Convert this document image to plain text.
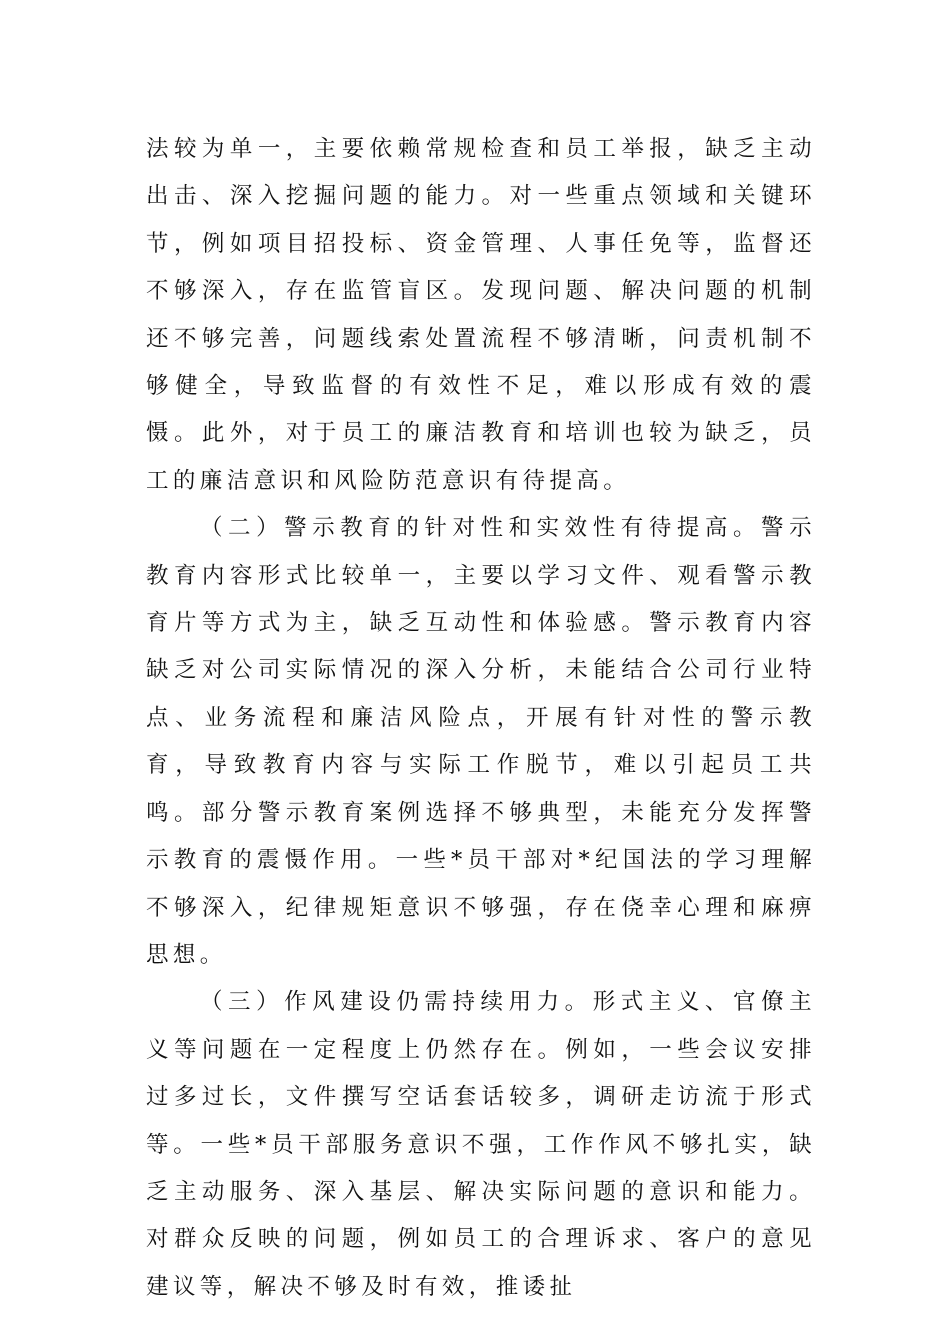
法较为单一，主要依赖常规检查和员工举报，缺乏主动出击、深入挖掘问题的能力。对一些重点领域和关键环节，例如项目招投标、资金管理、人事任免等，监督还不够深入，存在监管盲区。发现问题、解决问题的机制还不够完善，问题线索处置流程不够清晰，问责机制不够健全，导致监督的有效性不足，难以形成有效的震慑。此外，对于员工的廉洁教育和培训也较为缺乏，员工的廉洁意识和风险防范意识有待提高。

（二）警示教育的针对性和实效性有待提高。警示教育内容形式比较单一，主要以学习文件、观看警示教育片等方式为主，缺乏互动性和体验感。警示教育内容缺乏对公司实际情况的深入分析，未能结合公司行业特点、业务流程和廉洁风险点，开展有针对性的警示教育，导致教育内容与实际工作脱节，难以引起员工共鸣。部分警示教育案例选择不够典型，未能充分发挥警示教育的震慑作用。一些*员干部对*纪国法的学习理解不够深入，纪律规矩意识不够强，存在侥幸心理和麻痹思想。

（三）作风建设仍需持续用力。形式主义、官僚主义等问题在一定程度上仍然存在。例如，一些会议安排过多过长，文件撰写空话套话较多，调研走访流于形式等。一些*员干部服务意识不强，工作作风不够扎实，缺乏主动服务、深入基层、解决实际问题的意识和能力。对群众反映的问题，例如员工的合理诉求、客户的意见建议等，解决不够及时有效，推诿扯
